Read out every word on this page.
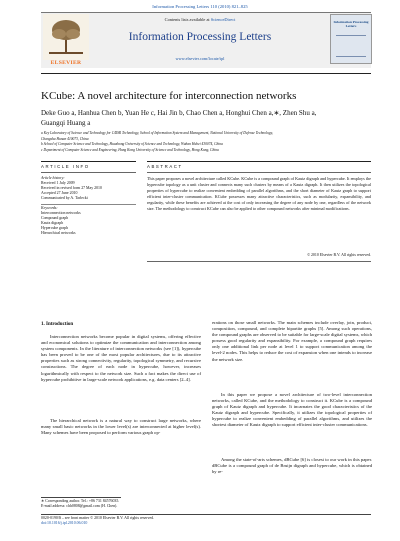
Information Processing Letters 110 (2010) 821–825
ELSEVIER
Contents lists available at ScienceDirect
Information Processing Letters
www.elsevier.com/locate/ipl
Information Processing Letters
KCube: A novel architecture for interconnection networks
Deke Guo a, Hanhua Chen b, Yuan He c, Hai Jin b, Chao Chen a, Honghui Chen a,∗, Zhen Shu a,
Guangqi Huang a
a Key Laboratory of Science and Technology for C4ISR Technology, School of Information System and Management, National University of Defense Technology,
Changsha Hunan 410073, China
b School of Computer Science and Technology, Huazhong University of Science and Technology, Wuhan Hubei 430074, China
c Department of Computer Science and Engineering, Hong Kong University of Science and Technology, Hong Kong, China
ARTICLE INFO	ABSTRACT
Article history:
Received 1 July 2009
Received in revised form 27 May 2010
Accepted 27 June 2010
Communicated by A. Tarlecki
Keywords:
Interconnection networks
Compound graph
Kautz digraph
Hypercube graph
Hierarchical networks
This paper proposes a novel architecture called KCube. KCube is a compound graph of Kautz digraph and hypercube. It employs the hypercube topology as a unit cluster and connects many such clusters by means of a Kautz digraph. It then utilizes the topological properties of hypercube to realize convenient embedding of parallel algorithms, and the short diameter of Kautz graph to support efficient inter-cluster communication. KCube possesses many attractive characteristics, such as modularity, expansibility, and regularity, while these benefits are achieved at the cost of only increasing the degree of any node by one, regardless of the network size. The methodology to construct KCube can also be applied to other compound networks after minimal modifications.
© 2010 Elsevier B.V. All rights reserved.
1. Introduction
Interconnection networks become popular in digital systems, offering effective and economical solutions to optimize the communication and interconnection among system components. In the literature of interconnection networks (see [1]), hypercube has been proved to be one of the most popular architectures, due to its attractive properties such as strong connectivity, regularity, topological symmetry, and recursive constructions. The degree of each node in hypercube, however, increases logarithmically with respect to the network size. Such a fact makes the direct use of hypercube prohibitive in large-scale network applications, e.g. data centers [2–4].
The hierarchical network is a natural way to construct large networks, where many small basic networks in the lower level(s) are interconnected at higher level(s). Many schemes have been proposed to perform various graph op-
erations on those small networks. The main schemes include overlay, join, product, composition, compound, and complete bipartite graphs [5]. Among such operations, the compound graphs are observed to be suitable for large-scale digital systems, which possess good regularity and expansibility. For example, a compound graph requires only one additional link per node at level 1 to support communication among the level-2 nodes. This helps to reduce the cost of expansion when one intends to increase the network size.
In this paper we propose a novel architecture of two-level interconnection networks, called KCube, and the methodology to construct it. KCube is a compound graph of Kautz digraph and hypercube. It incarnates the good characteristics of the Kautz digraph and hypercube. Specifically, it utilizes the topological properties of hypercube to realize convenient embedding of parallel algorithms, and utilizes the shortest diameter of Kautz digraph to support efficient inter-cluster communications.
Among the state-of-arts schemes, dBCube [6] is closest to our work in this paper. dBCube is a compound graph of de Bruijn digraph and hypercube, which is obtained by re-
∗ Corresponding author. Tel.: +86 731 84576035.
E-mail address: chh0808@gmail.com (H. Chen).
0020-0190/$ – see front matter © 2010 Elsevier B.V. All rights reserved.
doi:10.1016/j.ipl.2010.06.010
